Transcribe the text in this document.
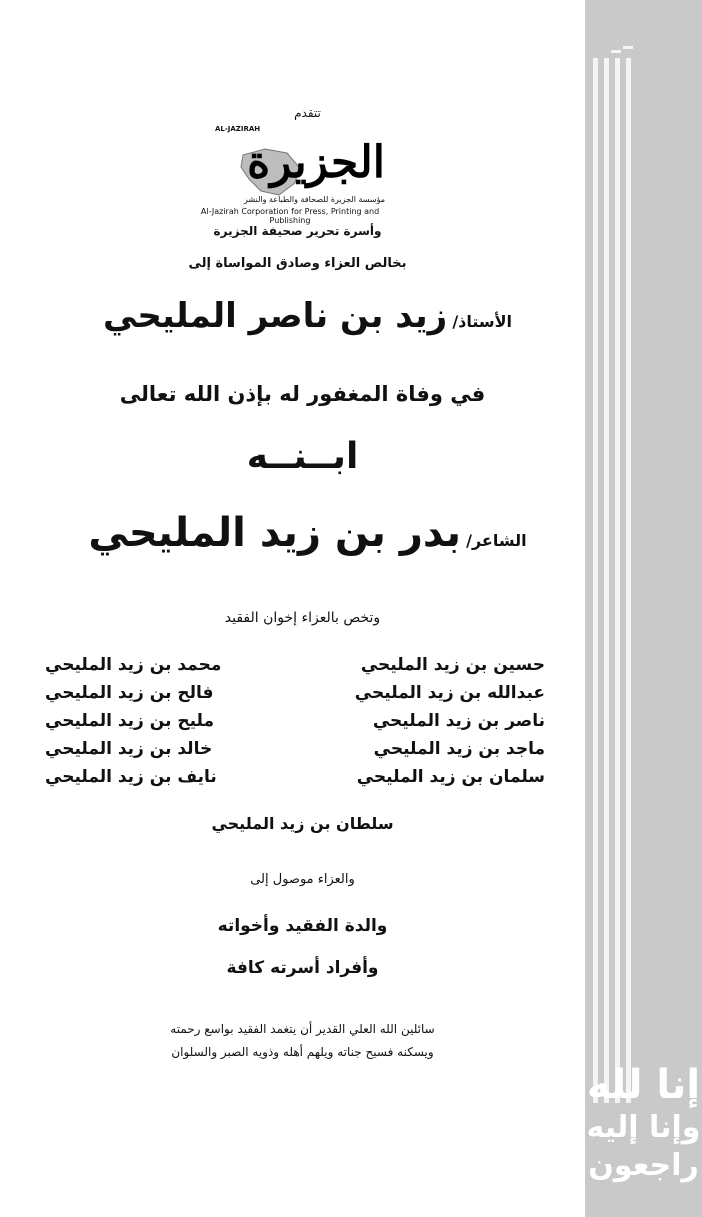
إنا لله
وإنا إليه
راجعون
تتقدم
AL-JAZIRAH
الجزيرة
مؤسسة الجزيرة للصحافة والطباعة والنشر
Al-Jazirah Corporation for Press, Printing and Publishing
وأسرة تحرير صحيفة الجزيرة
بخالص العزاء وصادق المواساة إلى
الأستاذ/ زيد بن ناصر المليحي
في وفاة المغفور له بإذن الله تعالى
ابــنــه
الشاعر/ بدر بن زيد المليحي
وتخص بالعزاء إخوان الفقيد
حسين بن زيد المليحي
محمد بن زيد المليحي
عبدالله بن زيد المليحي
فالح بن زيد المليحي
ناصر بن زيد المليحي
مليح بن زيد المليحي
ماجد بن زيد المليحي
خالد بن زيد المليحي
سلمان بن زيد المليحي
نايف بن زيد المليحي
سلطان بن زيد المليحي
والعزاء موصول إلى
والدة الفقيد وأخواته
وأفراد أسرته كافة
سائلين الله العلي القدير أن يتغمد الفقيد بواسع رحمته
ويسكنه فسيح جناته ويلهم أهله وذويه الصبر والسلوان
